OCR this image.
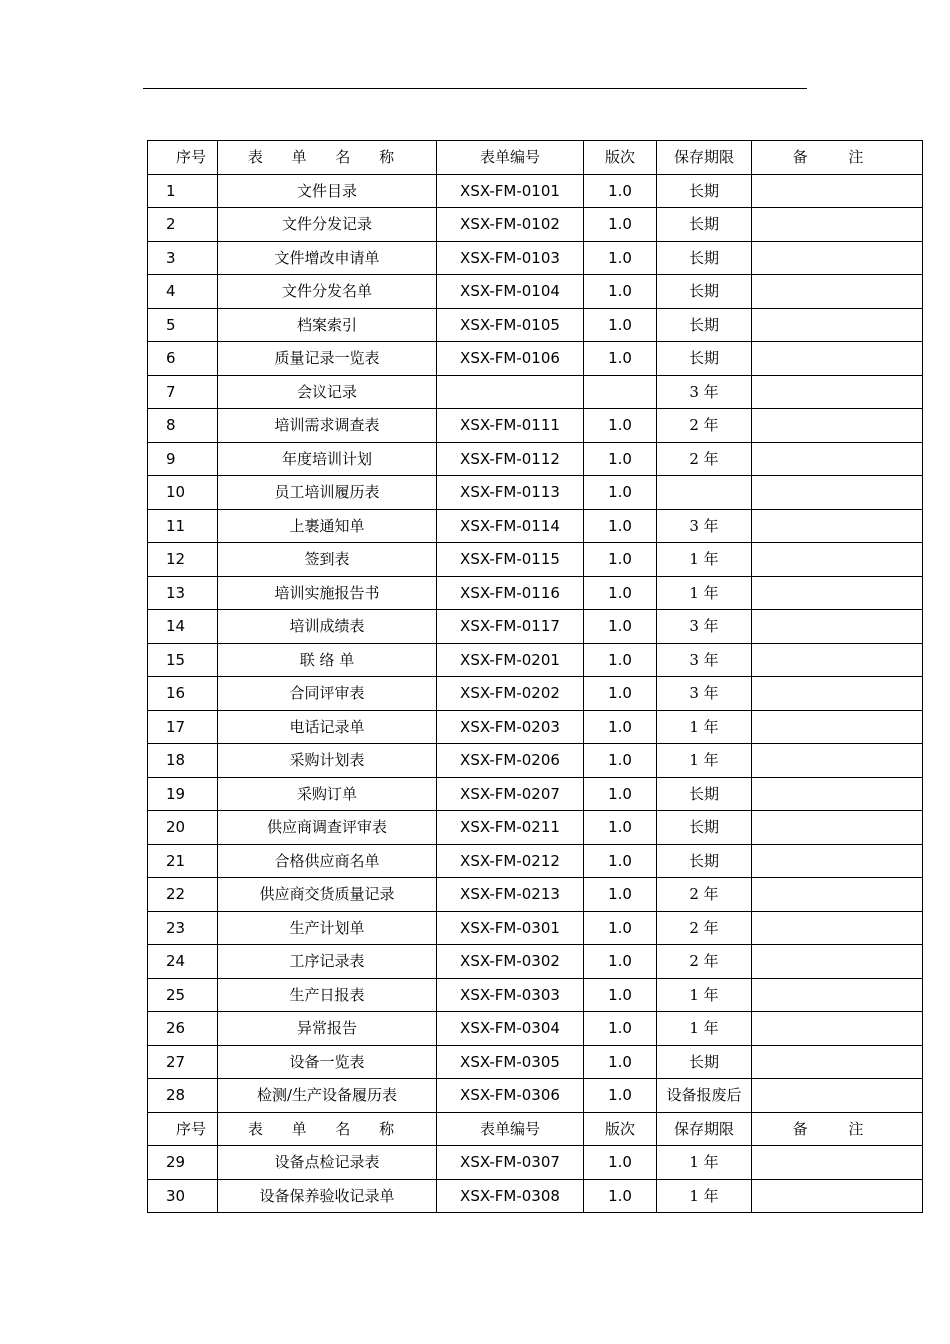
序号	表 单 名 称	表单编号	版次	保存期限	备 注
1	文件目录	XSX-FM-0101	1.0	长期	
2	文件分发记录	XSX-FM-0102	1.0	长期	
3	文件增改申请单	XSX-FM-0103	1.0	长期	
4	文件分发名单	XSX-FM-0104	1.0	长期	
5	档案索引	XSX-FM-0105	1.0	长期	
6	质量记录一览表	XSX-FM-0106	1.0	长期	
7	会议记录			3 年	
8	培训需求调查表	XSX-FM-0111	1.0	2 年	
9	年度培训计划	XSX-FM-0112	1.0	2 年	
10	员工培训履历表	XSX-FM-0113	1.0		
11	上裹通知单	XSX-FM-0114	1.0	3 年	
12	签到表	XSX-FM-0115	1.0	1 年	
13	培训实施报告书	XSX-FM-0116	1.0	1 年	
14	培训成绩表	XSX-FM-0117	1.0	3 年	
15	联 络 单	XSX-FM-0201	1.0	3 年	
16	合同评审表	XSX-FM-0202	1.0	3 年	
17	电话记录单	XSX-FM-0203	1.0	1 年	
18	采购计划表	XSX-FM-0206	1.0	1 年	
19	采购订单	XSX-FM-0207	1.0	长期	
20	供应商调查评审表	XSX-FM-0211	1.0	长期	
21	合格供应商名单	XSX-FM-0212	1.0	长期	
22	供应商交货质量记录	XSX-FM-0213	1.0	2 年	
23	生产计划单	XSX-FM-0301	1.0	2 年	
24	工序记录表	XSX-FM-0302	1.0	2 年	
25	生产日报表	XSX-FM-0303	1.0	1 年	
26	异常报告	XSX-FM-0304	1.0	1 年	
27	设备一览表	XSX-FM-0305	1.0	长期	
28	检测/生产设备履历表	XSX-FM-0306	1.0	设备报废后	
序号	表 单 名 称	表单编号	版次	保存期限	备 注
29	设备点检记录表	XSX-FM-0307	1.0	1 年	
30	设备保养验收记录单	XSX-FM-0308	1.0	1 年	
